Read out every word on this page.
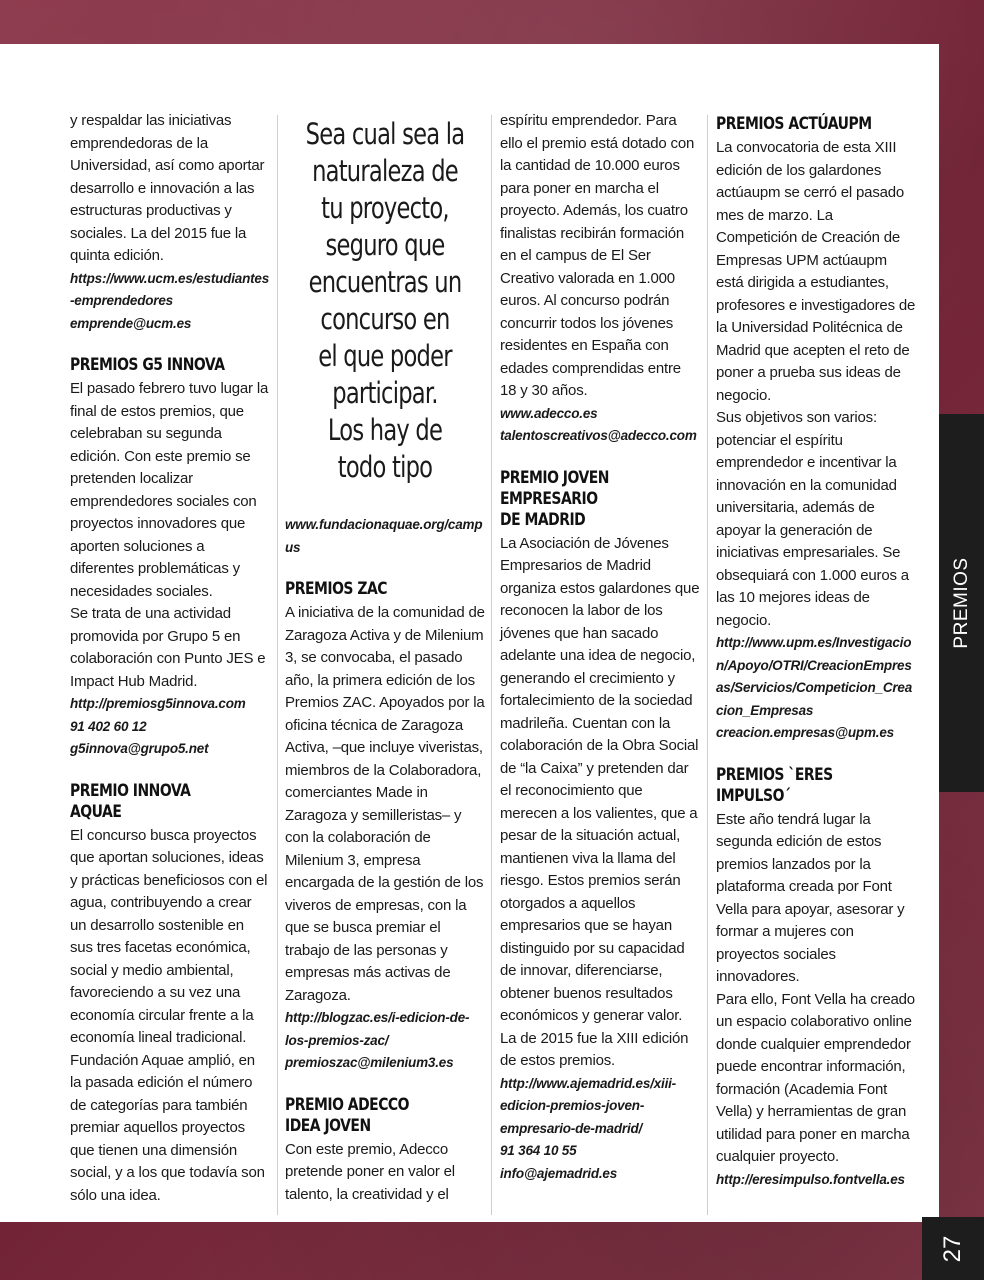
y respaldar las iniciativas emprendedoras de la Universidad, así como aportar desarrollo e innovación a las estructuras productivas y sociales. La del 2015 fue la quinta edición.

https://www.ucm.es/estudiantes-emprendedores

emprende@ucm.es

PREMIOS G5 INNOVA

El pasado febrero tuvo lugar la final de estos premios, que celebraban su segunda edición. Con este premio se pretenden localizar emprendedores sociales con proyectos innovadores que aporten soluciones a diferentes problemáticas y necesidades sociales.

Se trata de una actividad promovida por Grupo 5 en colaboración con Punto JES e Impact Hub Madrid.

http://premiosg5innova.com

91 402 60 12

g5innova@grupo5.net

PREMIO INNOVA AQUAE

El concurso busca proyectos que aportan soluciones, ideas y prácticas beneficiosos con el agua, contribuyendo a crear un desarrollo sostenible en sus tres facetas económica, social y medio ambiental, favoreciendo a su vez una economía circular frente a la economía lineal tradicional.

Fundación Aquae amplió, en la pasada edición el número de categorías para también premiar aquellos proyectos que tienen una dimensión social, y a los que todavía son sólo una idea.

Sea cual sea la
naturaleza de
tu proyecto,
seguro que
encuentras un
concurso en
el que poder
participar.
Los hay de
todo tipo

www.fundacionaquae.org/campus

PREMIOS ZAC

A iniciativa de la comunidad de Zaragoza Activa y de Milenium 3, se convocaba, el pasado año, la primera edición de los Premios ZAC. Apoyados por la oficina técnica de Zaragoza Activa, –que incluye viveristas, miembros de la Colaboradora, comerciantes Made in Zaragoza y semilleristas– y con la colaboración de Milenium 3, empresa encargada de la gestión de los viveros de empresas, con la que se busca premiar el trabajo de las personas y empresas más activas de Zaragoza.

http://blogzac.es/i-edicion-de-los-premios-zac/

premioszac@milenium3.es

PREMIO ADECCO
IDEA JOVEN

Con este premio, Adecco pretende poner en valor el talento, la creatividad y el

espíritu emprendedor. Para ello el premio está dotado con la cantidad de 10.000 euros para poner en marcha el proyecto. Además, los cuatro finalistas recibirán formación en el campus de El Ser Creativo valorada en 1.000 euros. Al concurso podrán concurrir todos los jóvenes residentes en España con edades comprendidas entre 18 y 30 años.

www.adecco.es

talentoscreativos@adecco.com

PREMIO JOVEN
EMPRESARIO
DE MADRID

La Asociación de Jóvenes Empresarios de Madrid organiza estos galardones que reconocen la labor de los jóvenes que han sacado adelante una idea de negocio, generando el crecimiento y fortalecimiento de la sociedad madrileña. Cuentan con la colaboración de la Obra Social de “la Caixa” y pretenden dar el reconocimiento que merecen a los valientes, que a pesar de la situación actual, mantienen viva la llama del riesgo. Estos premios serán otorgados a aquellos empresarios que se hayan distinguido por su capacidad de innovar, diferenciarse, obtener buenos resultados económicos y generar valor. La de 2015 fue la XIII edición de estos premios.

http://www.ajemadrid.es/xiii-edicion-premios-joven-empresario-de-madrid/

91 364 10 55

info@ajemadrid.es

PREMIOS ACTÚAUPM

La convocatoria de esta XIII edición de los galardones actúaupm se cerró el pasado mes de marzo. La Competición de Creación de Empresas UPM actúaupm está dirigida a estudiantes, profesores e investigadores de la Universidad Politécnica de Madrid que acepten el reto de poner a prueba sus ideas de negocio.

Sus objetivos son varios: potenciar el espíritu emprendedor e incentivar la innovación en la comunidad universitaria, además de apoyar la generación de iniciativas empresariales. Se obsequiará con 1.000 euros a las 10 mejores ideas de negocio.

http://www.upm.es/Investigacion/Apoyo/OTRI/CreacionEmpresas/Servicios/Competicion_Creacion_Empresas

creacion.empresas@upm.es

PREMIOS `ERES IMPULSO´

Este año tendrá lugar la segunda edición de estos premios lanzados por la plataforma creada por Font Vella para apoyar, asesorar y formar a mujeres con proyectos sociales innovadores.

Para ello, Font Vella ha creado un espacio colaborativo online donde cualquier emprendedor puede encontrar información, formación (Academia Font Vella) y herramientas de gran utilidad para poner en marcha cualquier proyecto.

http://eresimpulso.fontvella.es

PREMIOS
27
